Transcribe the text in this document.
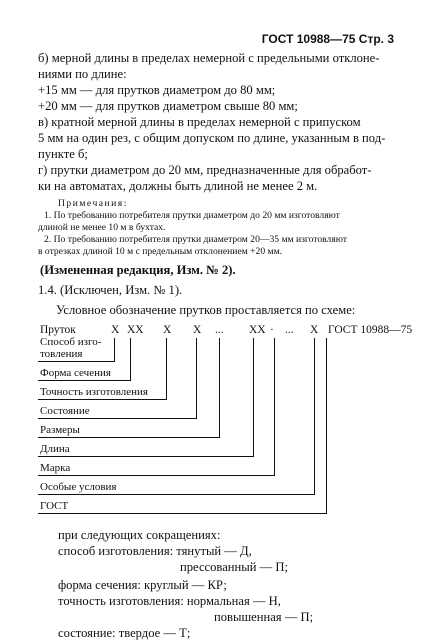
ГОСТ 10988—75 Стр. 3
б) мерной длины в пределах немерной с предельными отклоне-
ниями по длине:
+15 мм — для прутков диаметром до 80 мм;
+20 мм — для прутков диаметром свыше 80 мм;
в) кратной мерной длины в пределах немерной с припуском
5 мм на один рез, с общим допуском по длине, указанным в под-
пункте б;
г) прутки диаметром до 20 мм, предназначенные для обработ-
ки на автоматах, должны быть длиной не менее 2 м.
Примечания:
1. По требованию потребителя прутки диаметром до 20 мм изготовляют
длиной не менее 10 м в бухтах.
2. По требованию потребителя прутки диаметром 20—35 мм изготовляют
в отрезках длиной 10 м с предельным отклонением +20 мм.
(Измененная редакция, Изм. № 2).
1.4. (Исключен, Изм. № 1).
Условное обозначение прутков проставляется по схеме:
Пруток	X XX X X ... XX · ... X ГОСТ 10988—75
Способ изго-
товления
Форма сечения
Точность изготовления
Состояние
Размеры
Длина
Марка
Особые условия
ГОСТ
при следующих сокращениях:
способ изготовления: тянутый — Д,
прессованный — П;
форма сечения: круглый — КР;
точность изготовления: нормальная — Н,
повышенная — П;
состояние: твердое — Т;
